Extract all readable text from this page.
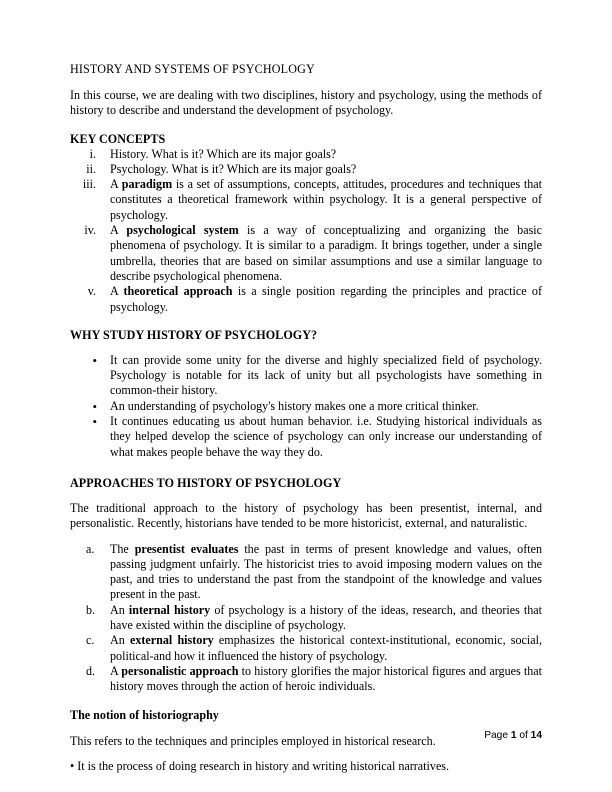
HISTORY AND SYSTEMS OF PSYCHOLOGY

In this course, we are dealing with two disciplines, history and psychology, using the methods of history to describe and understand the development of psychology.

KEY CONCEPTS
i. History. What is it? Which are its major goals?
ii. Psychology. What is it? Which are its major goals?
iii. A paradigm is a set of assumptions, concepts, attitudes, procedures and techniques that constitutes a theoretical framework within psychology. It is a general perspective of psychology.
iv. A psychological system is a way of conceptualizing and organizing the basic phenomena of psychology. It is similar to a paradigm. It brings together, under a single umbrella, theories that are based on similar assumptions and use a similar language to describe psychological phenomena.
v. A theoretical approach is a single position regarding the principles and practice of psychology.
WHY STUDY HISTORY OF PSYCHOLOGY?
• It can provide some unity for the diverse and highly specialized field of psychology. Psychology is notable for its lack of unity but all psychologists have something in common-their history.
• An understanding of psychology's history makes one a more critical thinker.
• It continues educating us about human behavior. i.e. Studying historical individuals as they helped develop the science of psychology can only increase our understanding of what makes people behave the way they do.
APPROACHES TO HISTORY OF PSYCHOLOGY

The traditional approach to the history of psychology has been presentist, internal, and personalistic. Recently, historians have tended to be more historicist, external, and naturalistic.

a. The presentist evaluates the past in terms of present knowledge and values, often passing judgment unfairly. The historicist tries to avoid imposing modern values on the past, and tries to understand the past from the standpoint of the knowledge and values present in the past.
b. An internal history of psychology is a history of the ideas, research, and theories that have existed within the discipline of psychology.
c. An external history emphasizes the historical context-institutional, economic, social, political-and how it influenced the history of psychology.
d. A personalistic approach to history glorifies the major historical figures and argues that history moves through the action of heroic individuals.
The notion of historiography

This refers to the techniques and principles employed in historical research.

• It is the process of doing research in history and writing historical narratives.

Page 1 of 14
